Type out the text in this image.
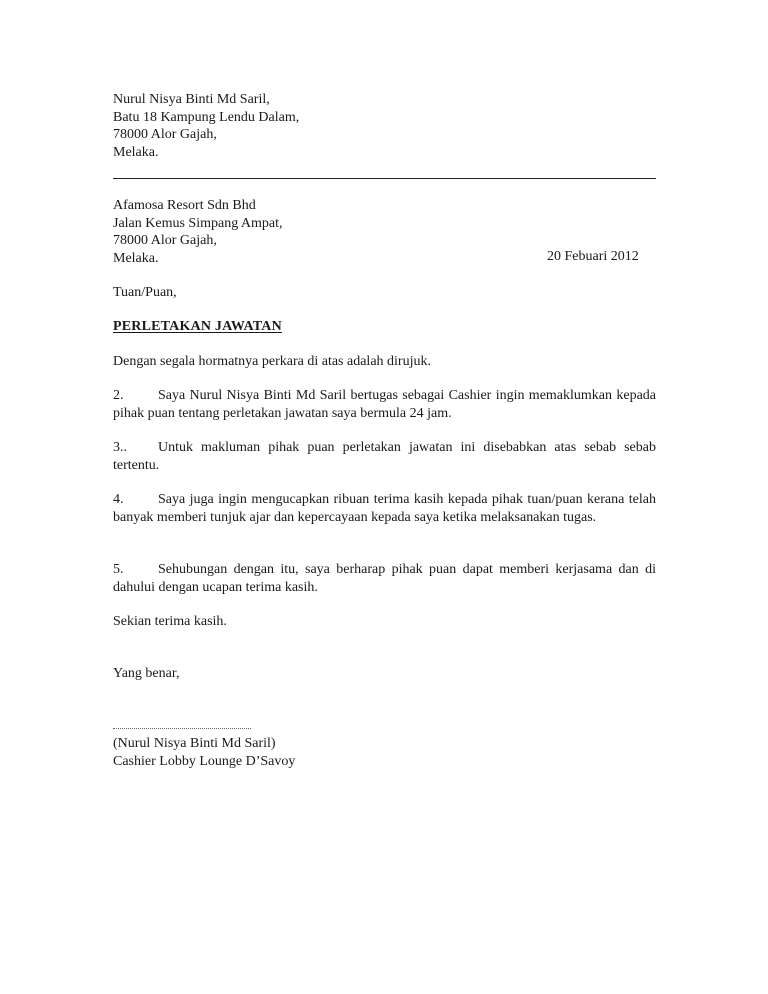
Nurul Nisya Binti Md Saril,
Batu 18 Kampung Lendu Dalam,
78000 Alor Gajah,
Melaka.
Afamosa Resort Sdn Bhd
Jalan Kemus Simpang Ampat,
78000 Alor Gajah,
Melaka.	20 Febuari 2012
Tuan/Puan,
PERLETAKAN JAWATAN
Dengan segala hormatnya perkara di atas adalah dirujuk.
2. Saya Nurul Nisya Binti Md Saril bertugas sebagai Cashier ingin memaklumkan kepada pihak puan tentang perletakan jawatan saya bermula 24 jam.
3.. Untuk makluman pihak puan perletakan jawatan ini disebabkan atas sebab sebab tertentu.
4. Saya juga ingin mengucapkan ribuan terima kasih kepada pihak tuan/puan kerana telah banyak memberi tunjuk ajar dan kepercayaan kepada saya ketika melaksanakan tugas.
5. Sehubungan dengan itu, saya berharap pihak puan dapat memberi kerjasama dan di dahului dengan ucapan terima kasih.
Sekian terima kasih.
Yang benar,
(Nurul Nisya Binti Md Saril)
Cashier Lobby Lounge D’Savoy
